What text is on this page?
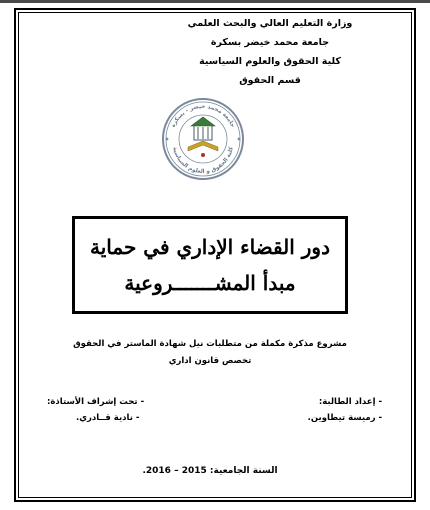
وزارة التعليم العالي والبحث العلمي
جامعة محمد خيضر بسكرة
كلية الحقوق والعلوم السياسية
قسم الحقوق
جامعة محمد خيضر - بسكرة
كلية الحقوق و العلوم السياسية
دور القضاء الإداري في حماية
مبدأ المشـــــــروعية
مشروع مذكرة مكملة من متطلبات نيل شهادة الماستر في الحقوق
تخصص قانون اداري
- إعداد الطالبة:
- تحت إشراف الأستاذة:
- رميسة تيطاوين.
- نادية قــادري.
السنة الجامعية: 2015 – 2016.
